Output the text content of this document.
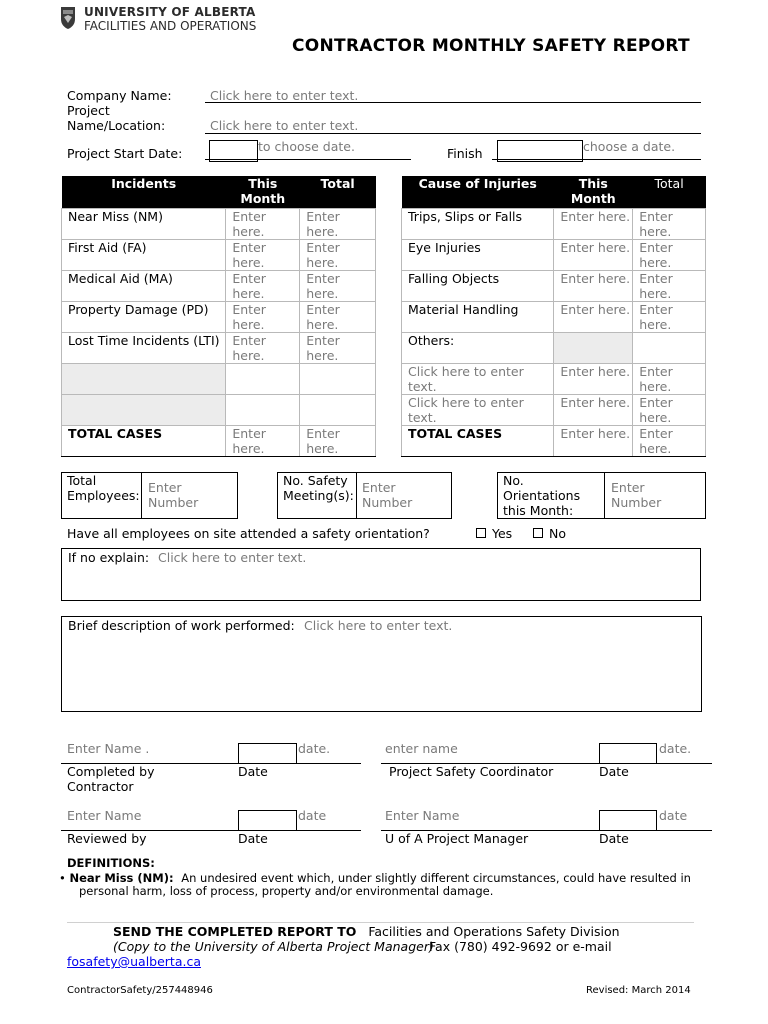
UNIVERSITY OF ALBERTA
FACILITIES AND OPERATIONS
CONTRACTOR MONTHLY SAFETY REPORT
Company Name:	Click here to enter text.
Project
Name/Location:	Click here to enter text.
Project Start Date:	to choose date.	Finish	choose a date.
Incidents	This Month	Total
Near Miss (NM)	Enter here.	Enter here.
First Aid (FA)	Enter here.	Enter here.
Medical Aid (MA)	Enter here.	Enter here.
Property Damage (PD)	Enter here.	Enter here.
Lost Time Incidents (LTI)	Enter here.	Enter here.

TOTAL CASES	Enter here.	Enter here.
Cause of Injuries	This Month	Total
Trips, Slips or Falls	Enter here.	Enter here.
Eye Injuries	Enter here.	Enter here.
Falling Objects	Enter here.	Enter here.
Material Handling	Enter here.	Enter here.
Others:		
Click here to enter text.	Enter here.	Enter here.
Click here to enter text.	Enter here.	Enter here.
TOTAL CASES	Enter here.	Enter here.
Total Employees:
Enter Number
No. Safety Meeting(s):
Enter Number
No. Orientations this Month:
Enter Number
Have all employees on site attended a safety orientation?	Yes	No
If no explain: Click here to enter text.
Brief description of work performed: Click here to enter text.
Enter Name .	date.
Completed by Contractor
Date
enter name	date.
Project Safety Coordinator	Date
Enter Name	date
Reviewed by	Date
Enter Name	date
U of A Project Manager	Date
DEFINITIONS:
• Near Miss (NM): An undesired event which, under slightly different circumstances, could have resulted in
personal harm, loss of process, property and/or environmental damage.
SEND THE COMPLETED REPORT TO Facilities and Operations Safety Division
(Copy to the University of Alberta Project Manager)
Fax (780) 492-9692 or e-mail
fosafety@ualberta.ca
ContractorSafety/257448946	Revised: March 2014
